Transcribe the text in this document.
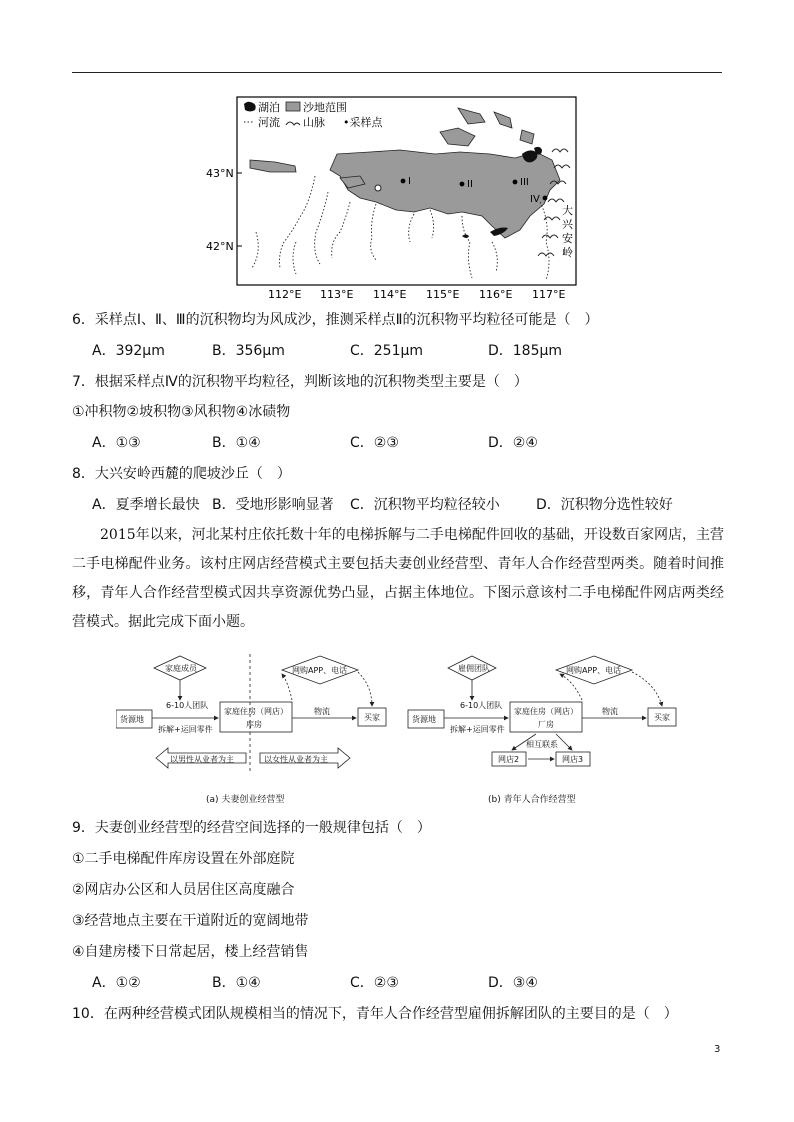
湖泊 沙地范围
河流 山脉 •采样点
43°N
42°N
112°E 113°E 114°E 115°E 116°E 117°E
大
兴
安
岭
I	II	III
IV
6．采样点Ⅰ、Ⅱ、Ⅲ的沉积物均为风成沙，推测采样点Ⅱ的沉积物平均粒径可能是（　）
A．392μm	B．356μm	C．251μm	D．185μm
7．根据采样点Ⅳ的沉积物平均粒径，判断该地的沉积物类型主要是（　）
①冲积物②坡积物③风积物④冰碛物
A．①③	B．①④	C．②③	D．②④
8．大兴安岭西麓的爬坡沙丘（　）
A．夏季增长最快 B．受地形影响显著 C．沉积物平均粒径较小	D．沉积物分选性较好
2015年以来，河北某村庄依托数十年的电梯拆解与二手电梯配件回收的基础，开设数百家网店，主营二手电梯配件业务。该村庄网店经营模式主要包括夫妻创业经营型、青年人合作经营型两类。随着时间推移，青年人合作经营型模式因共享资源优势凸显，占据主体地位。下图示意该村二手电梯配件网店两类经营模式。据此完成下面小题。
家庭成员
货源地
6-10人团队
拆解+运回零件
家庭住房（网店）
库房
网购APP、电话
物流
买家
以男性从业者为主	以女性从业者为主
(a) 夫妻创业经营型
雇佣团队
货源地
6-10人团队
拆解+运回零件
家庭住房（网店）
厂房
网购APP、电话
物流
买家
相互联系
网店2	网店3
(b) 青年人合作经营型
9．夫妻创业经营型的经营空间选择的一般规律包括（　）
①二手电梯配件库房设置在外部庭院
②网店办公区和人员居住区高度融合
③经营地点主要在干道附近的宽阔地带
④自建房楼下日常起居，楼上经营销售
A．①②	B．①④	C．②③	D．③④
10．在两种经营模式团队规模相当的情况下，青年人合作经营型雇佣拆解团队的主要目的是（　）
3
